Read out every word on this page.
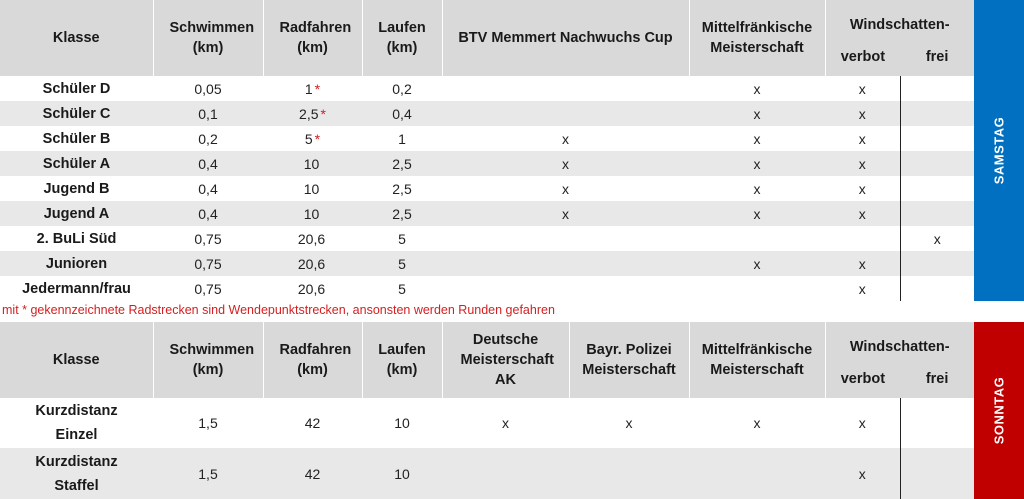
Klasse	Schwimmen (km)	Radfahren (km)	Laufen (km)	BTV Memmert Nachwuchs Cup	Mittelfränkische Meisterschaft	Windschatten-
verbot frei	

Schüler D	0,05	1 *	0,2		x	x	
Schüler C	0,1	2,5 *	0,4		x	x	
Schüler B	0,2	5 *	1	x	x	x	
Schüler A	0,4	10	2,5	x	x	x	
Jugend B	0,4	10	2,5	x	x	x	
Jugend A	0,4	10	2,5	x	x	x	
2. BuLi Süd	0,75	20,6	5				x
Junioren	0,75	20,6	5		x	x	
Jedermann/frau	0,75	20,6	5			x	
SAMSTAG
mit * gekennzeichnete Radstrecken sind Wendepunktstrecken, ansonsten werden Runden gefahren
Klasse	Schwimmen (km)	Radfahren (km)	Laufen (km)	Deutsche Meisterschaft AK	Bayr. Polizei Meisterschaft	Mittelfränkische Meisterschaft	Windschatten-
verbot frei	

Kurzdistanz Einzel	1,5	42	10	x	x	x	x	
Kurzdistanz Staffel	1,5	42	10				x	
SONNTAG
